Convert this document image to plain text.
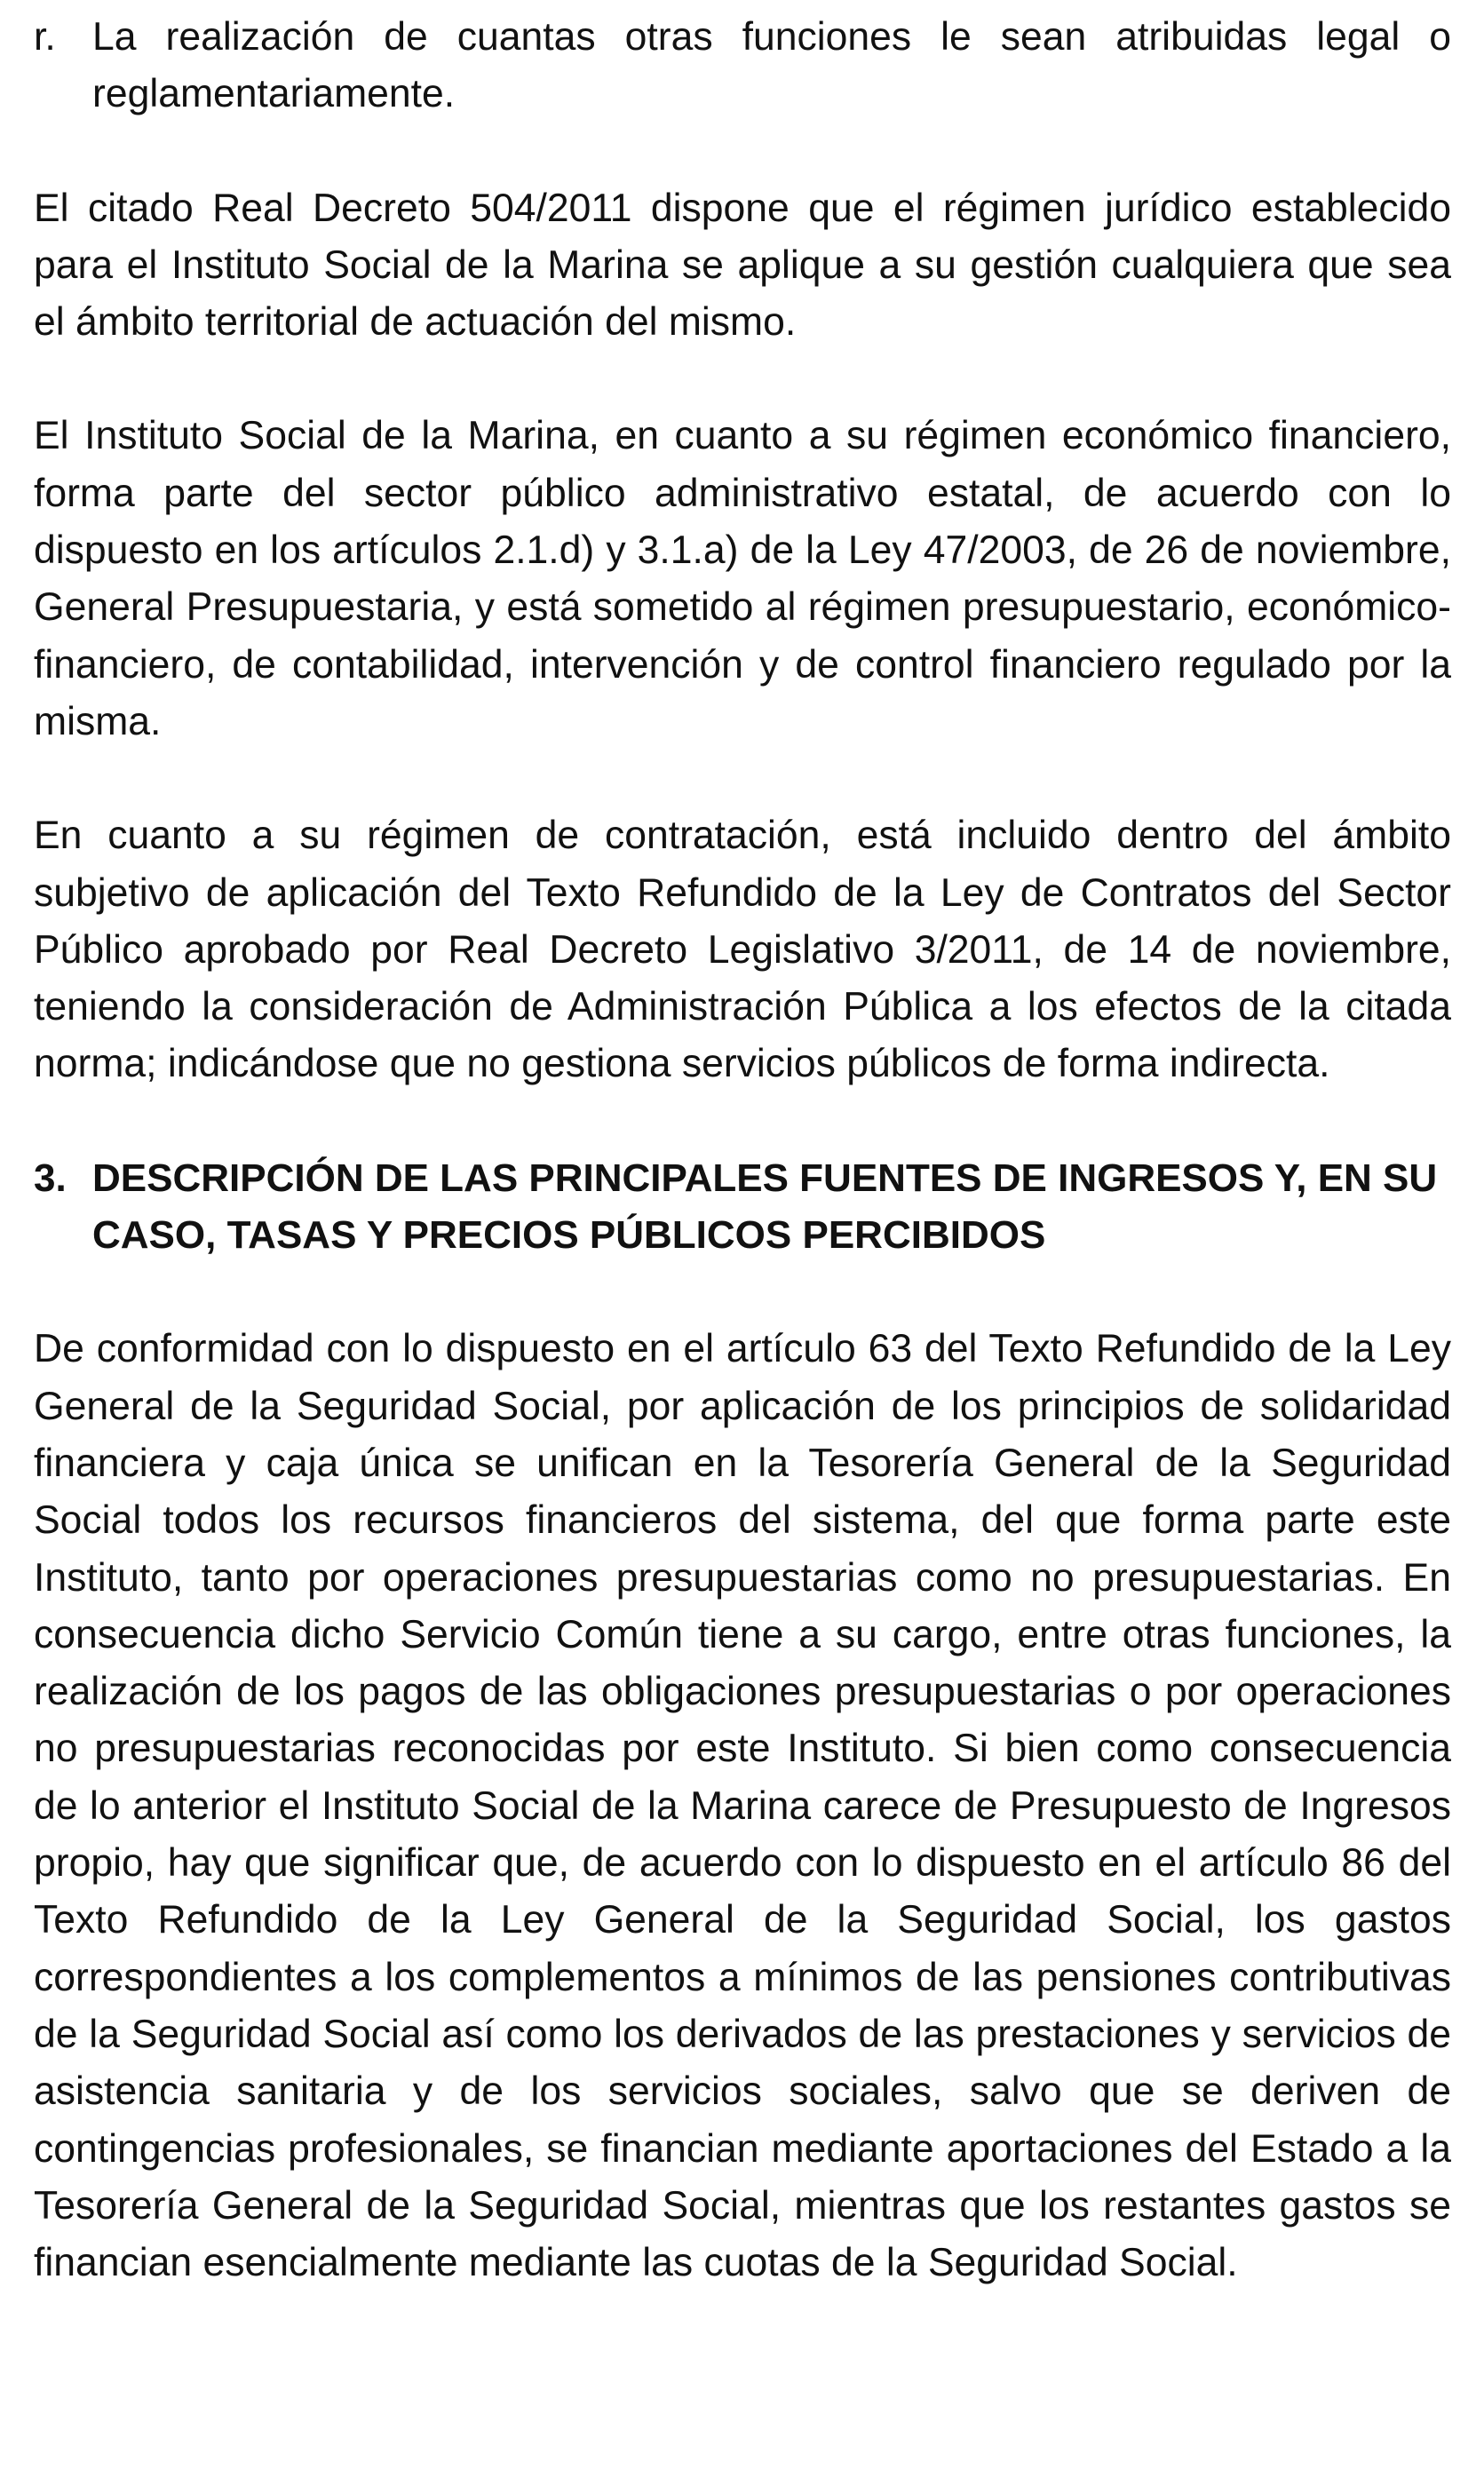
r. La realización de cuantas otras funciones le sean atribuidas legal o reglamentariamente.

El citado Real Decreto 504/2011 dispone que el régimen jurídico establecido para el Instituto Social de la Marina se aplique a su gestión cualquiera que sea el ámbito territorial de actuación del mismo.

El Instituto Social de la Marina, en cuanto a su régimen económico financiero, forma parte del sector público administrativo estatal, de acuerdo con lo dispuesto en los artículos 2.1.d) y 3.1.a) de la Ley 47/2003, de 26 de noviembre, General Presupuestaria, y está sometido al régimen presupuestario, económico-financiero, de contabilidad, intervención y de control financiero regulado por la misma.

En cuanto a su régimen de contratación, está incluido dentro del ámbito subjetivo de aplicación del Texto Refundido de la Ley de Contratos del Sector Público aprobado por Real Decreto Legislativo 3/2011, de 14 de noviembre, teniendo la consideración de Administración Pública a los efectos de la citada norma; indicándose que no gestiona servicios públicos de forma indirecta.

3. DESCRIPCIÓN DE LAS PRINCIPALES FUENTES DE INGRESOS Y, EN SU CASO, TASAS Y PRECIOS PÚBLICOS PERCIBIDOS

De conformidad con lo dispuesto en el artículo 63 del Texto Refundido de la Ley General de la Seguridad Social, por aplicación de los principios de solidaridad financiera y caja única se unifican en la Tesorería General de la Seguridad Social todos los recursos financieros del sistema, del que forma parte este Instituto, tanto por operaciones presupuestarias como no presupuestarias. En consecuencia dicho Servicio Común tiene a su cargo, entre otras funciones, la realización de los pagos de las obligaciones presupuestarias o por operaciones no presupuestarias reconocidas por este Instituto. Si bien como consecuencia de lo anterior el Instituto Social de la Marina carece de Presupuesto de Ingresos propio, hay que significar que, de acuerdo con lo dispuesto en el artículo 86 del Texto Refundido de la Ley General de la Seguridad Social, los gastos correspondientes a los complementos a mínimos de las pensiones contributivas de la Seguridad Social así como los derivados de las prestaciones y servicios de asistencia sanitaria y de los servicios sociales, salvo que se deriven de contingencias profesionales, se financian mediante aportaciones del Estado a la Tesorería General de la Seguridad Social, mientras que los restantes gastos se financian esencialmente mediante las cuotas de la Seguridad Social.
